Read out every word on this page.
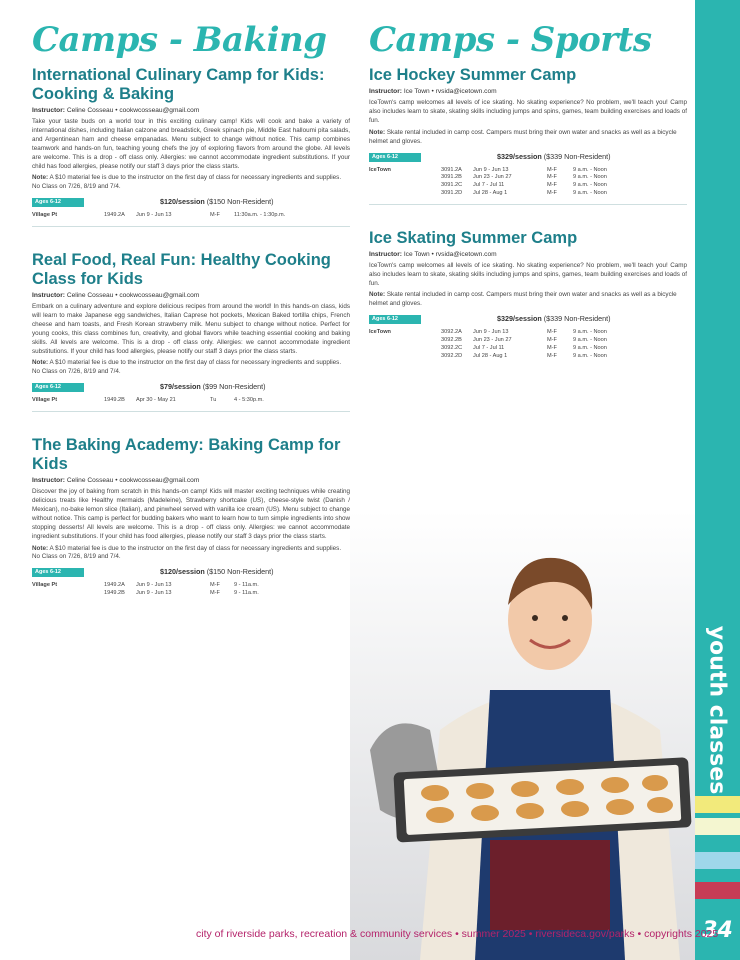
Camps - Baking
International Culinary Camp for Kids: Cooking & Baking
Instructor: Celine Cosseau • cookwcosseau@gmail.com
Take your taste buds on a world tour in this exciting culinary camp! Kids will cook and bake a variety of international dishes, including Italian calzone and breadstick, Greek spinach pie, Middle East halloumi pita salads, and Argentinean ham and cheese empanadas. Menu subject to change without notice. This camp combines teamwork and hands-on fun, teaching young chefs the joy of exploring flavors from around the globe. All levels are welcome. This is a drop - off class only. Allergies: we cannot accommodate ingredient substitutions. If your child has food allergies, please notify our staff 3 days prior the class starts.
Note: A $10 material fee is due to the instructor on the first day of class for necessary ingredients and supplies. No Class on 7/26, 8/19 and 7/4.
Ages 6-12	$120/session ($150 Non-Resident)
Village Pt	1949.2A Jun 9 - Jun 13	M-F	11:30a.m. - 1:30p.m.
Real Food, Real Fun: Healthy Cooking Class for Kids
Instructor: Celine Cosseau • cookwcosseau@gmail.com
Embark on a culinary adventure and explore delicious recipes from around the world! In this hands-on class, kids will learn to make Japanese egg sandwiches, Italian Caprese hot pockets, Mexican Baked tortilla chips, French cheese and ham toasts, and Fresh Korean strawberry milk. Menu subject to change without notice. Perfect for young cooks, this class combines fun, creativity, and global flavors while teaching essential cooking and baking skills. All levels are welcome. This is a drop - off class only. Allergies: we cannot accommodate ingredient substitutions. If your child has food allergies, please notify our staff 3 days prior the class starts.
Note: A $10 material fee is due to the instructor on the first day of class for necessary ingredients and supplies. No Class on 7/26, 8/19 and 7/4.
Ages 6-12	$79/session ($99 Non-Resident)
Village Pt	1949.2B Apr 30 - May 21	Tu	4 - 5:30p.m.
The Baking Academy: Baking Camp for Kids
Instructor: Celine Cosseau • cookwcosseau@gmail.com
Discover the joy of baking from scratch in this hands-on camp! Kids will master exciting techniques while creating delicious treats like Healthy mermaids (Madeleine), Strawberry shortcake (US), cheese-style twist (Danish / Mexican), no-bake lemon slice (Italian), and pinwheel served with vanilla ice cream (US). Menu subject to change without notice. This camp is perfect for budding bakers who want to learn how to turn simple ingredients into show stopping desserts! All levels are welcome. This is a drop - off class only. Allergies: we cannot accommodate ingredient substitutions. If your child has food allergies, please notify our staff 3 days prior the class starts.
Note: A $10 material fee is due to the instructor on the first day of class for necessary ingredients and supplies. No Class on 7/26, 8/19 and 7/4.
Ages 6-12	$120/session ($150 Non-Resident)
Village Pt	1949.2A Jun 9 - Jun 13	M-F	9 - 11a.m.
1949.2B Jun 9 - Jun 13	M-F	9 - 11a.m.
Camps - Sports
Ice Hockey Summer Camp
Instructor: Ice Town • rvsida@icetown.com
IceTown's camp welcomes all levels of ice skating. No skating experience? No problem, we'll teach you! Camp also includes learn to skate, skating skills including jumps and spins, games, team building exercises and loads of fun.
Note: Skate rental included in camp cost. Campers must bring their own water and snacks as well as a bicycle helmet and gloves.
Ages 6-12	$329/session ($339 Non-Resident)
IceTown	3091.2A Jun 9 - Jun 13	M-F	9 a.m. - Noon
3091.2B Jun 23 - Jun 27	M-F	9 a.m. - Noon
3091.2C Jul 7 - Jul 11	M-F	9 a.m. - Noon
3091.2D Jul 28 - Aug 1	M-F	9 a.m. - Noon
Ice Skating Summer Camp
Instructor: Ice Town • rvsida@icetown.com
IceTown's camp welcomes all levels of ice skating. No skating experience? No problem, we'll teach you! Camp also includes learn to skate, skating skills including jumps and spins, games, team building exercises and loads of fun.
Note: Skate rental included in camp cost. Campers must bring their own water and snacks as well as a bicycle helmet and gloves.
Ages 6-12	$329/session ($339 Non-Resident)
IceTown	3092.2A Jun 9 - Jun 13	M-F	9 a.m. - Noon
3092.2B Jun 23 - Jun 27	M-F	9 a.m. - Noon
3092.2C Jul 7 - Jul 11	M-F	9 a.m. - Noon
3092.2D Jul 28 - Aug 1	M-F	9 a.m. - Noon
youth classes
34
city of riverside parks, recreation & community services • summer 2025 • riversideca.gov/parks • copyrights 2025
